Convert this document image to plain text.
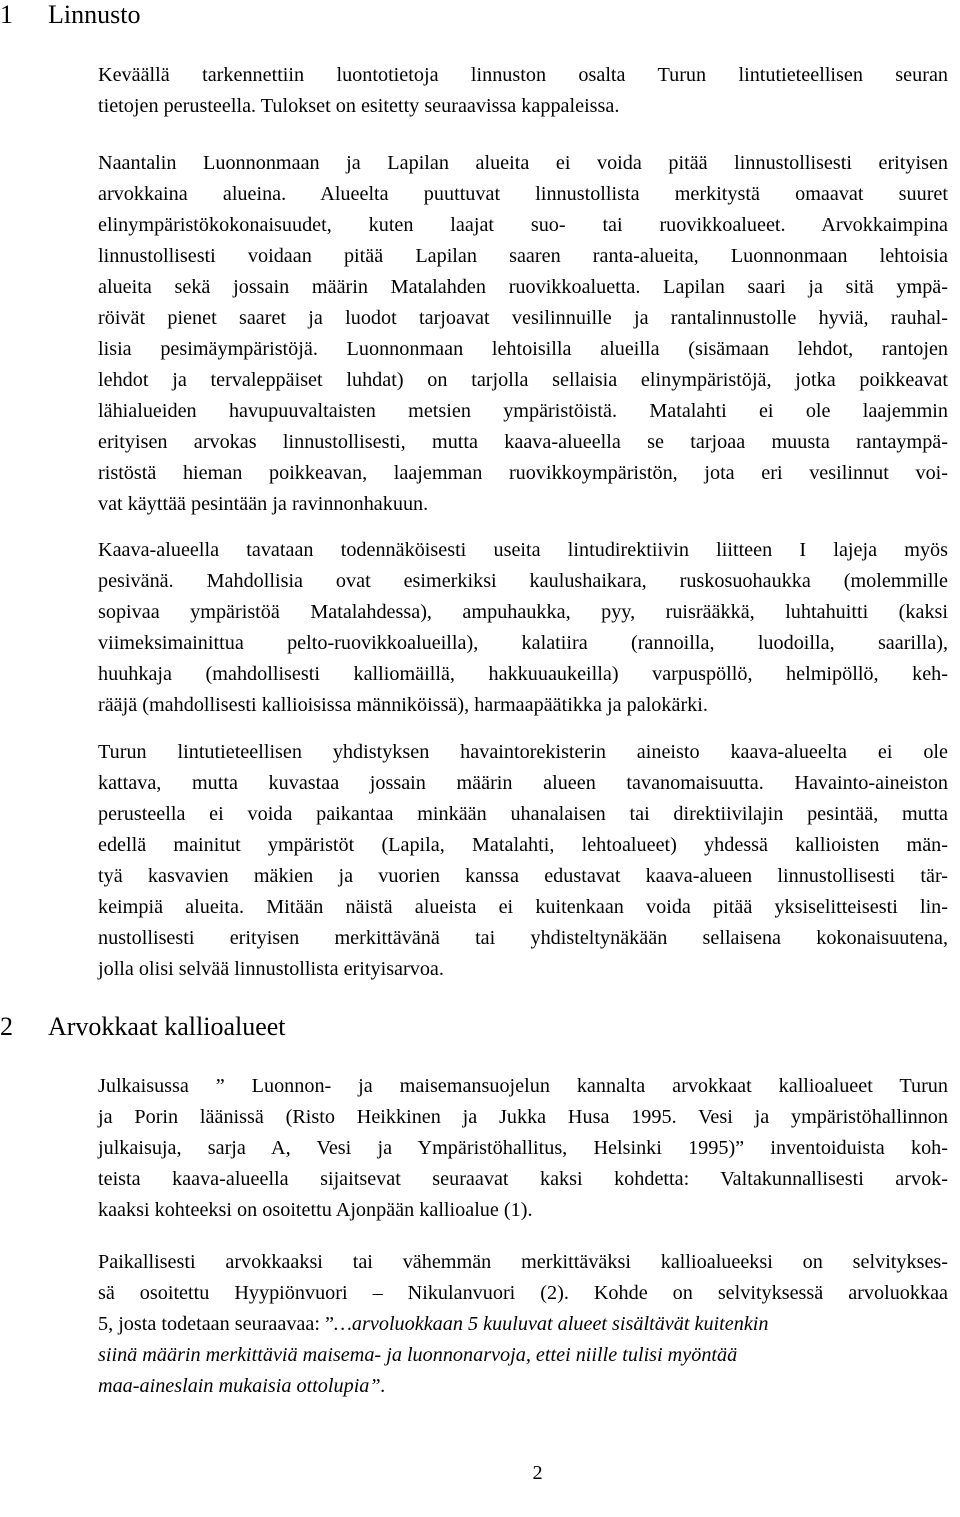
1 Linnusto

Keväällä tarkennettiin luontotietoja linnuston osalta Turun lintutieteellisen seuran
tietojen perusteella. Tulokset on esitetty seuraavissa kappaleissa.

Naantalin Luonnonmaan ja Lapilan alueita ei voida pitää linnustollisesti erityisen
arvokkaina alueina. Alueelta puuttuvat linnustollista merkitystä omaavat suuret
elinympäristökokonaisuudet, kuten laajat suo- tai ruovikkoalueet. Arvokkaimpina
linnustollisesti voidaan pitää Lapilan saaren ranta-alueita, Luonnonmaan lehtoisia
alueita sekä jossain määrin Matalahden ruovikkoaluetta. Lapilan saari ja sitä ympä-
röivät pienet saaret ja luodot tarjoavat vesilinnuille ja rantalinnustolle hyviä, rauhal-
lisia pesimäympäristöjä. Luonnonmaan lehtoisilla alueilla (sisämaan lehdot, rantojen
lehdot ja tervaleppäiset luhdat) on tarjolla sellaisia elinympäristöjä, jotka poikkeavat
lähialueiden havupuuvaltaisten metsien ympäristöistä. Matalahti ei ole laajemmin
erityisen arvokas linnustollisesti, mutta kaava-alueella se tarjoaa muusta rantaympä-
ristöstä hieman poikkeavan, laajemman ruovikkoympäristön, jota eri vesilinnut voi-
vat käyttää pesintään ja ravinnonhakuun.

Kaava-alueella tavataan todennäköisesti useita lintudirektiivin liitteen I lajeja myös
pesivänä. Mahdollisia ovat esimerkiksi kaulushaikara, ruskosuohaukka (molemmille
sopivaa ympäristöä Matalahdessa), ampuhaukka, pyy, ruisrääkkä, luhtahuitti (kaksi
viimeksimainittua pelto-ruovikkoalueilla), kalatiira (rannoilla, luodoilla, saarilla),
huuhkaja (mahdollisesti kalliomäillä, hakkuuaukeilla) varpuspöllö, helmipöllö, keh-
rääjä (mahdollisesti kallioisissa männiköissä), harmaapäätikka ja palokärki.

Turun lintutieteellisen yhdistyksen havaintorekisterin aineisto kaava-alueelta ei ole
kattava, mutta kuvastaa jossain määrin alueen tavanomaisuutta. Havainto-aineiston
perusteella ei voida paikantaa minkään uhanalaisen tai direktiivilajin pesintää, mutta
edellä mainitut ympäristöt (Lapila, Matalahti, lehtoalueet) yhdessä kallioisten män-
tyä kasvavien mäkien ja vuorien kanssa edustavat kaava-alueen linnustollisesti tär-
keimpiä alueita. Mitään näistä alueista ei kuitenkaan voida pitää yksiselitteisesti lin-
nustollisesti erityisen merkittävänä tai yhdisteltynäkään sellaisena kokonaisuutena,
jolla olisi selvää linnustollista erityisarvoa.

2 Arvokkaat kallioalueet

Julkaisussa ” Luonnon- ja maisemansuojelun kannalta arvokkaat kallioalueet Turun
ja Porin läänissä (Risto Heikkinen ja Jukka Husa 1995. Vesi ja ympäristöhallinnon
julkaisuja, sarja A, Vesi ja Ympäristöhallitus, Helsinki 1995)” inventoiduista koh-
teista kaava-alueella sijaitsevat seuraavat kaksi kohdetta: Valtakunnallisesti arvok-
kaaksi kohteeksi on osoitettu Ajonpään kallioalue (1).

Paikallisesti arvokkaaksi tai vähemmän merkittäväksi kallioalueeksi on selvitykses-
sä osoitettu Hyypiönvuori – Nikulanvuori (2). Kohde on selvityksessä arvoluokkaa
5, josta todetaan seuraavaa: ”…arvoluokkaan 5 kuuluvat alueet sisältävät kuitenkin
siinä määrin merkittäviä maisema- ja luonnonarvoja, ettei niille tulisi myöntää
maa-aineslain mukaisia ottolupia”.

2
